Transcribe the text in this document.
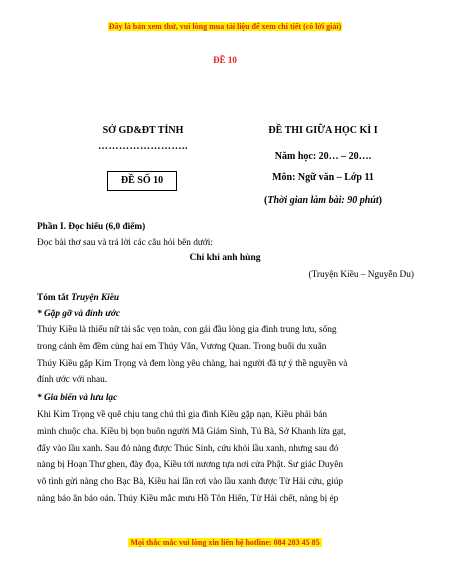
Đây là bản xem thử, vui lòng mua tài liệu để xem chi tiết (có lời giải)
ĐỀ 10
SỞ GD&ĐT TỈNH
……………………..
ĐỀ SỐ 10
ĐỀ THI GIỮA HỌC KÌ I
Năm học: 20… – 20….
Môn: Ngữ văn – Lớp 11
(Thời gian làm bài: 90 phút)
Phần I. Đọc hiểu (6,0 điểm)
Đọc bài thơ sau và trả lời các câu hỏi bên dưới:
Chí khí anh hùng
(Truyện Kiều – Nguyễn Du)
Tóm tắt Truyện Kiều
* Gặp gỡ và đính ước
Thúy Kiều là thiếu nữ tài sắc vẹn toàn, con gái đầu lòng gia đình trung lưu, sống
trong cảnh êm đềm cùng hai em Thúy Vân, Vương Quan. Trong buổi du xuân
Thúy Kiều gặp Kim Trọng và đem lòng yêu chàng, hai người đã tự ý thề nguyền và
đính ước với nhau.
* Gia biến và lưu lạc
Khi Kim Trọng về quê chịu tang chú thì gia đình Kiều gặp nạn, Kiều phải bán
mình chuộc cha. Kiều bị bọn buôn người Mã Giám Sinh, Tú Bà, Sở Khanh lừa gạt,
đẩy vào lầu xanh. Sau đó nàng được Thúc Sinh, cứu khỏi lầu xanh, nhưng sau đó
nàng bị Hoạn Thư ghen, đày đọa, Kiều tới nương tựa nơi cửa Phật. Sư giác Duyên
vô tình gửi nàng cho Bạc Bà, Kiều hai lần rơi vào lầu xanh được Từ Hải cứu, giúp
nàng báo ân báo oán. Thúy Kiều mắc mưu Hồ Tôn Hiến, Từ Hải chết, nàng bị ép
Mọi thắc mắc vui lòng xin liên hệ hotline: 084 283 45 85
